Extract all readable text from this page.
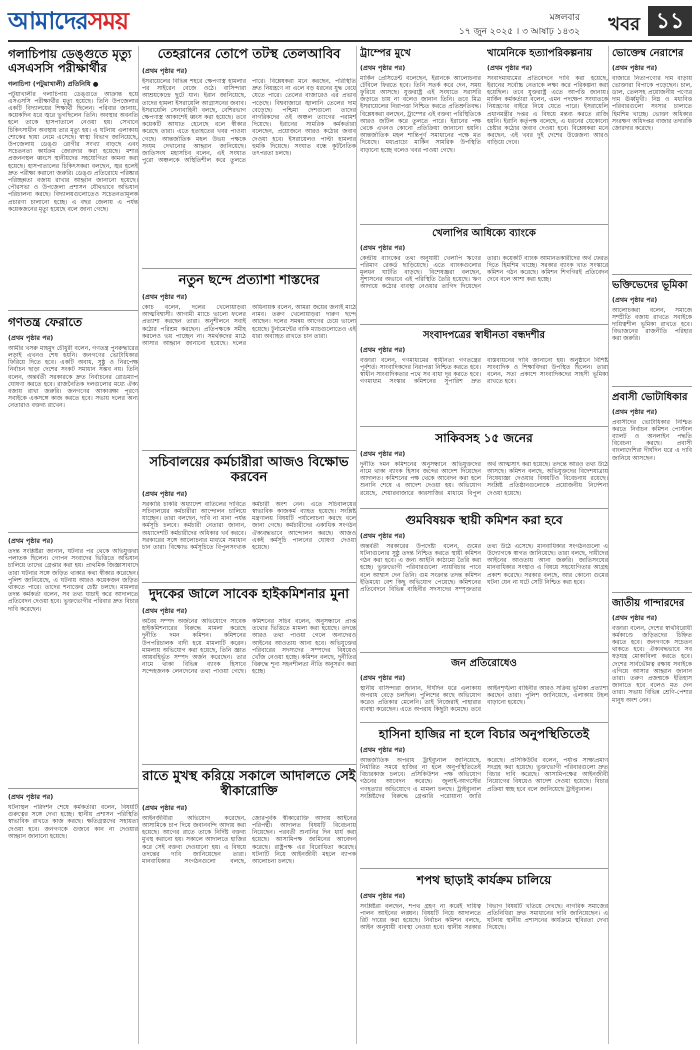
আমাদেরসময়	মঙ্গলবার
১৭ জুন ২০২৫ । ৩ আষাঢ় ১৪৩২ খবর ১১
গলাচিপায় ডেঙ্গুতে মৃত্যু এসএসসি পরীক্ষার্থীর
গলাচিপা (পটুয়াখালী) প্রতিনিধি ●

পটুয়াখালীর গলাচিপায় ডেঙ্গুতে আক্রান্ত হয়ে এসএসসি পরীক্ষার্থীর মৃত্যু হয়েছে। তিনি উপজেলার একটি বিদ্যালয়ের শিক্ষার্থী ছিলেন। পরিবার জানায়, কয়েকদিন ধরে জ্বরে ভুগছিলেন তিনি। অবস্থার অবনতি হলে তাকে হাসপাতালে নেওয়া হয়। সেখানে চিকিৎসাধীন অবস্থায় তার মৃত্যু হয়। এ ঘটনায় এলাকায় শোকের ছায়া নেমে এসেছে। স্বাস্থ্য বিভাগ জানিয়েছে, উপজেলায় ডেঙ্গু রোগীর সংখ্যা বাড়ছে এবং সচেতনতা কার্যক্রম জোরদার করা হয়েছে। মশার প্রজননস্থল ধ্বংসে স্থানীয়দের সহযোগিতা কামনা করা হয়েছে। হাসপাতালের চিকিৎসকরা বলছেন, জ্বর হলেই দ্রুত পরীক্ষা করানো জরুরি। ডেঙ্গু প্রতিরোধে পরিষ্কার পরিচ্ছন্নতা বজায় রাখার আহ্বান জানানো হয়েছে। পৌরসভা ও উপজেলা প্রশাসন যৌথভাবে অভিযান পরিচালনা করছে। বিদ্যালয়গুলোতেও সচেতনতামূলক প্রচারণা চালানো হচ্ছে। এ বছর জেলায় এ পর্যন্ত কয়েকজনের মৃত্যু হয়েছে বলে জানা গেছে।

গণতন্ত্র ফেরাতে
(প্রথম পৃষ্ঠার পর)

আমীর খসরু মাহমুদ চৌধুরী বলেন, গণতন্ত্র পুনরুদ্ধারের লড়াই এখনও শেষ হয়নি। জনগণের ভোটাধিকার ফিরিয়ে দিতে হবে। একটি অবাধ, সুষ্ঠু ও নিরপেক্ষ নির্বাচন ছাড়া দেশের সংকট সমাধান সম্ভব নয়। তিনি বলেন, অন্তর্বর্তী সরকারকে দ্রুত নির্বাচনের রোডম্যাপ ঘোষণা করতে হবে। রাজনৈতিক দলগুলোর মধ্যে ঐক্য বজায় রাখা জরুরি। জনগণের আকাঙ্ক্ষা পূরণে সবাইকে একসঙ্গে কাজ করতে হবে। সভায় দলের অন্য নেতারাও বক্তব্য রাখেন।

(প্রথম পৃষ্ঠার পর)

তদন্ত সংশ্লিষ্টরা জানান, ঘটনার পর থেকে অভিযুক্তরা পলাতক ছিলেন। গোপন সংবাদের ভিত্তিতে অভিযান চালিয়ে তাদের গ্রেপ্তার করা হয়। প্রাথমিক জিজ্ঞাসাবাদে তারা ঘটনার সঙ্গে জড়িত থাকার কথা স্বীকার করেছেন। পুলিশ জানিয়েছে, এ ঘটনায় আরও কয়েকজন জড়িত থাকতে পারে। তাদের শনাক্তের চেষ্টা চলছে। মামলার তদন্ত কর্মকর্তা বলেন, সব তথ্য যাচাই করে আদালতে প্রতিবেদন দেওয়া হবে। ভুক্তভোগীর পরিবার দ্রুত বিচার দাবি করেছেন।

(প্রথম পৃষ্ঠার পর)

ঘটনাস্থল পরিদর্শন শেষে কর্মকর্তারা বলেন, বিষয়টি গুরুত্বের সঙ্গে দেখা হচ্ছে। স্থানীয় প্রশাসন পরিস্থিতি স্বাভাবিক রাখতে কাজ করছে। ক্ষতিগ্রস্তদের সহায়তা দেওয়া হবে। জনগণকে গুজবে কান না দেওয়ার আহ্বান জানানো হয়েছে।

তেহরানের তোপে তটস্থ তেলআবিব
(প্রথম পৃষ্ঠার পর)

ইসরায়েলের বিভিন্ন শহরে ক্ষেপণাস্ত্র হামলার পর সাইরেন বেজে ওঠে। বাসিন্দারা আশ্রয়কেন্দ্রে ছুটে যান। ইরান জানিয়েছে, তাদের হামলা ইসরায়েলি আগ্রাসনের জবাব। ইসরায়েলি সেনাবাহিনী বলছে, বেশিরভাগ ক্ষেপণাস্ত্র আকাশেই ধ্বংস করা হয়েছে। তবে কয়েকটি আঘাত হেনেছে বলে স্বীকার করেছে তারা। এতে হতাহতের খবর পাওয়া গেছে। আন্তর্জাতিক মহল উভয় পক্ষকে সংযম দেখানোর আহ্বান জানিয়েছে। জাতিসংঘ মহাসচিব বলেন, এই সংঘাত পুরো অঞ্চলকে অস্থিতিশীল করে তুলতে পারে। বিশ্লেষকরা মনে করছেন, পরিস্থিতি দ্রুত নিয়ন্ত্রণে না এলে বড় ধরনের যুদ্ধ বেধে যেতে পারে। তেলের বাজারেও এর প্রভাব পড়েছে। বিশ্ববাজারে জ্বালানি তেলের দাম বেড়েছে। পশ্চিমা দেশগুলো তাদের নাগরিকদের ওই অঞ্চল ত্যাগের পরামর্শ দিয়েছে। ইরানের সামরিক কর্মকর্তারা বলেছেন, প্রয়োজনে আরও কঠোর জবাব দেওয়া হবে। ইসরায়েলও পাল্টা হামলার হুমকি দিয়েছে। সংঘাত বন্ধে কূটনৈতিক তৎপরতা চলছে।

নতুন ছন্দে প্রত্যাশা শাস্তদের
(প্রথম পৃষ্ঠার পর)

কোচ বলেন, দলের খেলোয়াড়রা আত্মবিশ্বাসী। আগামী ম্যাচে ভালো ফলের প্রত্যাশা করছেন তারা। অনুশীলনে সবাই কঠোর পরিশ্রম করছেন। প্রতিপক্ষকে সমীহ করলেও ভয় পাচ্ছেন না। সমর্থকদের মাঠে আসার আহ্বান জানানো হয়েছে। দলের অধিনায়ক বলেন, আমরা জয়ের জন্যই মাঠে নামব। তরুণ খেলোয়াড়রা দারুণ ছন্দে আছেন। দলের সমন্বয় আগের চেয়ে ভালো হয়েছে। টুর্নামেন্টের বাকি ম্যাচগুলোতেও এই ধারা অব্যাহত রাখতে চান তারা।

সচিবালয়ের কর্মচারীরা আজও বিক্ষোভ করবেন
(প্রথম পৃষ্ঠার পর)

সরকারি চাকরি অধ্যাদেশ বাতিলের দাবিতে সচিবালয়ের কর্মচারীরা আন্দোলন চালিয়ে যাচ্ছেন। তারা বলছেন, দাবি না মানা পর্যন্ত কর্মসূচি চলবে। কর্মচারী নেতারা জানান, অধ্যাদেশটি কর্মচারীদের অধিকার খর্ব করবে। সরকারের সঙ্গে আলোচনার মাধ্যমে সমাধান চান তারা। বিক্ষোভ কর্মসূচিতে বিপুলসংখ্যক কর্মচারী অংশ নেন। এতে সচিবালয়ের স্বাভাবিক কাজকর্ম ব্যাহত হয়েছে। সংশ্লিষ্ট মন্ত্রণালয় বিষয়টি পর্যালোচনা করছে বলে জানা গেছে। কর্মচারীদের একাধিক সংগঠন ঐক্যবদ্ধভাবে আন্দোলন করছে। আজও একই কর্মসূচি পালনের ঘোষণা দেওয়া হয়েছে।

দুদকের জালে সাবেক হাইকমিশনার মুনা
(প্রথম পৃষ্ঠার পর)

অবৈধ সম্পদ অর্জনের অভিযোগে সাবেক হাইকমিশনারের বিরুদ্ধে মামলা করেছে দুর্নীতি দমন কমিশন। কমিশনের উপপরিচালক বাদী হয়ে মামলাটি করেন। মামলায় অভিযোগ করা হয়েছে, তিনি জ্ঞাত আয়বহির্ভূত সম্পদ অর্জন করেছেন। তার নামে থাকা বিভিন্ন ব্যাংক হিসাবে সন্দেহজনক লেনদেনের তথ্য পাওয়া গেছে। কমিশনের সচিব বলেন, অনুসন্ধানে প্রাপ্ত তথ্যের ভিত্তিতে মামলা করা হয়েছে। তদন্তে আরও তথ্য পাওয়া গেলে অন্যদেরও আইনের আওতায় আনা হবে। অভিযুক্তের পরিবারের সদস্যদের সম্পদের বিষয়েও খোঁজ নেওয়া হচ্ছে। কমিশন বলছে, দুর্নীতির বিরুদ্ধে শূন্য সহনশীলতা নীতি অনুসরণ করা হচ্ছে।

রাতে মুখস্থ করিয়ে সকালে আদালতে সেই স্বীকারোক্তি
(প্রথম পৃষ্ঠার পর)

আইনজীবীরা অভিযোগ করেছেন, আসামিকে চাপ দিয়ে জবানবন্দি আদায় করা হয়েছে। আগের রাতে তাকে নির্দিষ্ট বক্তব্য মুখস্থ করানো হয়। সকালে আদালতে হাজির করে সেই বক্তব্য দেওয়ানো হয়। এ বিষয়ে তদন্তের দাবি জানিয়েছেন তারা। মানবাধিকার সংগঠনগুলো বলছে, জোরপূর্বক স্বীকারোক্তি আদায় আইনের পরিপন্থী। আদালত বিষয়টি বিবেচনায় নিয়েছেন। পরবর্তী শুনানির দিন ধার্য করা হয়েছে। আসামিপক্ষ জামিনের আবেদন করেছে। রাষ্ট্রপক্ষ এর বিরোধিতা করেছে। ঘটনাটি নিয়ে আইনজীবী মহলে ব্যাপক আলোচনা চলছে।

ট্রাম্পের মুখে
(প্রথম পৃষ্ঠার পর)

মার্কিন প্রেসিডেন্ট বলেছেন, ইরানকে আলোচনার টেবিলে ফিরতে হবে। তিনি সতর্ক করে দেন, সময় ফুরিয়ে আসছে। যুক্তরাষ্ট্র এই সংঘাতে সরাসরি জড়াতে চায় না বলেও জানান তিনি। তবে মিত্র ইসরায়েলের নিরাপত্তা নিশ্চিত করতে প্রতিশ্রুতিবদ্ধ। বিশ্লেষকরা বলছেন, ট্রাম্পের এই বক্তব্য পরিস্থিতিকে আরও জটিল করে তুলতে পারে। ইরানের পক্ষ থেকে এখনও কোনো প্রতিক্রিয়া জানানো হয়নি। আন্তর্জাতিক মহল শান্তিপূর্ণ সমাধানের পক্ষে মত দিয়েছে। মধ্যপ্রাচ্যে মার্কিন সামরিক উপস্থিতি বাড়ানো হচ্ছে বলেও খবর পাওয়া গেছে।

খামেনিকে হত্যাপরিকল্পনায়
(প্রথম পৃষ্ঠার পর)

সংবাদমাধ্যমের প্রতিবেদনে দাবি করা হয়েছে, ইরানের সর্বোচ্চ নেতাকে লক্ষ্য করে পরিকল্পনা করা হয়েছিল। তবে যুক্তরাষ্ট্র এতে আপত্তি জানায়। মার্কিন কর্মকর্তারা বলেন, এমন পদক্ষেপ সংঘাতকে নিয়ন্ত্রণের বাইরে নিয়ে যেতে পারে। ইসরায়েলি প্রধানমন্ত্রীর দপ্তর এ বিষয়ে মন্তব্য করতে রাজি হয়নি। ইরানি কর্তৃপক্ষ বলেছে, এ ধরনের যেকোনো চেষ্টার কঠোর জবাব দেওয়া হবে। বিশ্লেষকরা মনে করছেন, এই খবর দুই দেশের উত্তেজনা আরও বাড়িয়ে দেবে।

খেলাপির আধিক্যে ব্যাংকে
(প্রথম পৃষ্ঠার পর)

কেন্দ্রীয় ব্যাংকের তথ্য অনুযায়ী খেলাপি ঋণের পরিমাণ রেকর্ড ছাড়িয়েছে। এতে ব্যাংকগুলোর মূলধন ঘাটতি বাড়ছে। বিশেষজ্ঞরা বলছেন, সুশাসনের অভাবে এই পরিস্থিতি তৈরি হয়েছে। ঋণ আদায়ে কঠোর ব্যবস্থা নেওয়ার তাগিদ দিয়েছেন তারা। কয়েকটি ব্যাংক আমানতকারীদের অর্থ ফেরত দিতে হিমশিম খাচ্ছে। সরকার ব্যাংক খাত সংস্কারে কমিশন গঠন করেছে। কমিশন শিগগিরই প্রতিবেদন দেবে বলে আশা করা হচ্ছে।

সংবাদপত্রের স্বাধীনতা বন্ধদশীর
(প্রথম পৃষ্ঠার পর)

বক্তারা বলেন, গণমাধ্যমের স্বাধীনতা গণতন্ত্রের পূর্বশর্ত। সাংবাদিকদের নিরাপত্তা নিশ্চিত করতে হবে। স্বাধীন সাংবাদিকতার পথে সব বাধা দূর করতে হবে। গণমাধ্যম সংস্কার কমিশনের সুপারিশ দ্রুত বাস্তবায়নের দাবি জানানো হয়। অনুষ্ঠানে বিশিষ্ট সাংবাদিক ও শিক্ষাবিদরা উপস্থিত ছিলেন। তারা বলেন, সত্য প্রকাশে সাংবাদিকদের সাহসী ভূমিকা রাখতে হবে।

সাকিবসহ ১৫ জনের
(প্রথম পৃষ্ঠার পর)

দুর্নীতি দমন কমিশনের অনুসন্ধানে অভিযুক্তদের নামে থাকা ব্যাংক হিসাব জব্দের আদেশ দিয়েছেন আদালত। কমিশনের পক্ষ থেকে আবেদন করা হলে শুনানি শেষে এ আদেশ দেওয়া হয়। অভিযোগ রয়েছে, শেয়ারবাজারে কারসাজির মাধ্যমে বিপুল অর্থ আত্মসাৎ করা হয়েছে। তদন্তে আরও তথ্য উঠে আসছে। কমিশন বলছে, অভিযুক্তদের বিদেশযাত্রায় নিষেধাজ্ঞা দেওয়ার বিষয়টিও বিবেচনায় রয়েছে। সংশ্লিষ্ট প্রতিষ্ঠানগুলোকে প্রয়োজনীয় নির্দেশনা দেওয়া হয়েছে।

গুমবিষয়ক স্থায়ী কমিশন করা হবে
(প্রথম পৃষ্ঠার পর)

অন্তর্বর্তী সরকারের উপদেষ্টা বলেন, গুমের ঘটনাগুলোর সুষ্ঠু তদন্ত নিশ্চিত করতে স্থায়ী কমিশন গঠন করা হবে। এ জন্য আইনি কাঠামো তৈরি করা হচ্ছে। ভুক্তভোগী পরিবারগুলো ন্যায়বিচার পাবে বলে আশ্বাস দেন তিনি। গুম সংক্রান্ত তদন্ত কমিশন ইতিমধ্যে বেশ কিছু অভিযোগ পেয়েছে। কমিশনের প্রতিবেদনে বিভিন্ন বাহিনীর সদস্যদের সম্পৃক্ততার তথ্য উঠে এসেছে। মানবাধিকার সংগঠনগুলো এ উদ্যোগকে স্বাগত জানিয়েছে। তারা বলছে, দায়ীদের আইনের আওতায় আনা জরুরি। জাতিসংঘের মানবাধিকার সংস্থাও এ বিষয়ে সহযোগিতার আগ্রহ প্রকাশ করেছে। সরকার বলছে, আর কোনো গুমের ঘটনা যেন না ঘটে সেটি নিশ্চিত করা হবে।

জন প্রতিরোধেও
(প্রথম পৃষ্ঠার পর)

স্থানীয় বাসিন্দারা জানান, দীর্ঘদিন ধরে এলাকায় অপরাধ বেড়ে চলছিল। পুলিশের কাছে অভিযোগ করেও প্রতিকার মেলেনি। তাই নিজেরাই পাহারার ব্যবস্থা করেছেন। এতে অপরাধ কিছুটা কমেছে। তবে আইনশৃঙ্খলা বাহিনীর আরও সক্রিয় ভূমিকা প্রত্যাশা করছেন তারা। পুলিশ জানিয়েছে, এলাকায় টহল বাড়ানো হয়েছে।

হাসিনা হাজির না হলে বিচার অনুপস্থিতিতেই
(প্রথম পৃষ্ঠার পর)

আন্তর্জাতিক অপরাধ ট্রাইব্যুনাল জানিয়েছে, নির্ধারিত সময়ে হাজির না হলে অনুপস্থিতিতেই বিচারকাজ চলবে। প্রসিকিউশন পক্ষ অভিযোগ গঠনের আবেদন করেছে। জুলাই-আগস্টের গণহত্যার অভিযোগে এ মামলা চলছে। ট্রাইব্যুনাল সংশ্লিষ্টদের বিরুদ্ধে গ্রেপ্তারি পরোয়ানা জারি করেছে। প্রসিকিউটর বলেন, পর্যাপ্ত সাক্ষ্যপ্রমাণ সংগ্রহ করা হয়েছে। ভুক্তভোগী পরিবারগুলো দ্রুত বিচার দাবি করেছে। আসামিপক্ষের আইনজীবী নিয়োগের বিষয়েও আদেশ দেওয়া হয়েছে। বিচার প্রক্রিয়া স্বচ্ছ হবে বলে জানিয়েছে ট্রাইব্যুনাল।

শপথ ছাড়াই কার্যক্রম চালিয়ে
(প্রথম পৃষ্ঠার পর)

সংশ্লিষ্টরা বলছেন, শপথ গ্রহণ না করেই দায়িত্ব পালন আইনের লঙ্ঘন। বিষয়টি নিয়ে আদালতে রিট দায়ের করা হয়েছে। নির্বাচন কমিশন বলছে, আইন অনুযায়ী ব্যবস্থা নেওয়া হবে। স্থানীয় সরকার বিভাগ বিষয়টি খতিয়ে দেখছে। নাগরিক সমাজের প্রতিনিধিরা দ্রুত সমাধানের দাবি জানিয়েছেন। এ ঘটনায় স্থানীয় প্রশাসনের কার্যক্রমে স্থবিরতা দেখা দিয়েছে।

ভোক্তেম্ব নেরাশের
(প্রথম পৃষ্ঠার পর)

বাজারে নিত্যপণ্যের দাম বাড়ায় ভোক্তারা বিপাকে পড়েছেন। চাল, ডাল, তেলসহ প্রয়োজনীয় পণ্যের দাম ঊর্ধ্বমুখী। নিম্ন ও মধ্যবিত্ত পরিবারগুলো সংসার চালাতে হিমশিম খাচ্ছে। ভোক্তা অধিকার সংরক্ষণ অধিদপ্তর বাজার তদারকি জোরদার করেছে।

ভক্তিভেদের ভূমিকা
(প্রথম পৃষ্ঠার পর)

আলোচকরা বলেন, সমাজে সম্প্রীতি বজায় রাখতে সবাইকে দায়িত্বশীল ভূমিকা রাখতে হবে। বিভাজনের রাজনীতি পরিহার করা জরুরি।

প্রবাসী ভোটাধিকার
(প্রথম পৃষ্ঠার পর)

প্রবাসীদের ভোটাধিকার নিশ্চিত করতে নির্বাচন কমিশন পোস্টাল ব্যালট ও অনলাইন পদ্ধতি বিবেচনা করছে। প্রবাসী বাংলাদেশিরা দীর্ঘদিন ধরে এ দাবি জানিয়ে আসছেন।

জাতীয় গান্দারদের
(প্রথম পৃষ্ঠার পর)

বক্তারা বলেন, দেশের স্বার্থবিরোধী কর্মকাণ্ডে জড়িতদের চিহ্নিত করতে হবে। জনগণকে সচেতন থাকতে হবে। ঐক্যবদ্ধভাবে সব ষড়যন্ত্র মোকাবিলা করতে হবে। দেশের সার্বভৌমত্ব রক্ষায় সবাইকে এগিয়ে আসার আহ্বান জানান তারা। তরুণ প্রজন্মকে ইতিহাস জানাতে হবে বলেও মত দেন তারা। সভায় বিভিন্ন শ্রেণি-পেশার মানুষ অংশ নেন।
